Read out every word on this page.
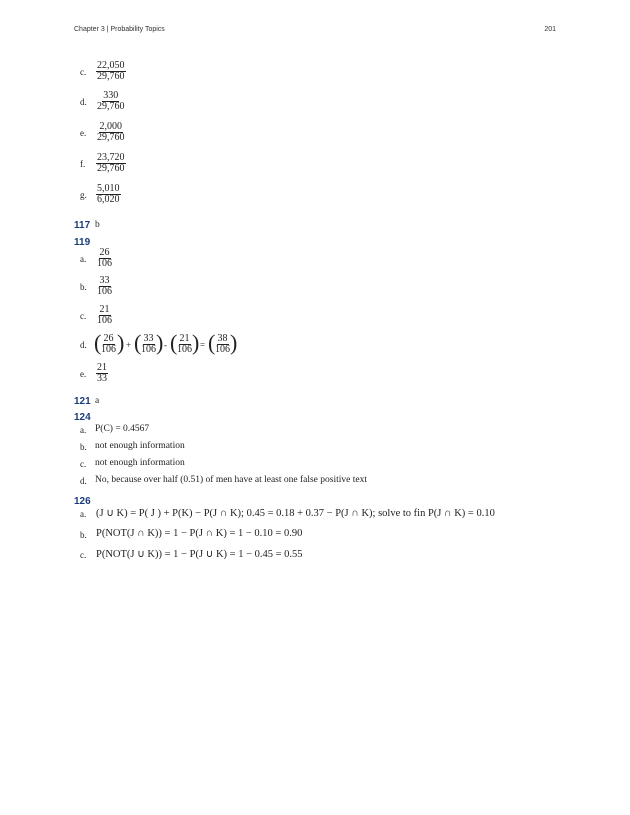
Chapter 3 | Probability Topics	201
c. $\frac{22,050}{29,760}$
d. $\frac{330}{29,760}$
e. $\frac{2,000}{29,760}$
f. $\frac{23,720}{29,760}$
g. $\frac{5,010}{6,020}$
117 b
119
a. $\frac{26}{106}$
b. $\frac{33}{106}$
c. $\frac{21}{106}$
d. (
$\frac{26}{106}$ ) + (
$\frac{33}{106}$ ) - (
$\frac{21}{106}$ ) = (
$\frac{38}{106}$ )
e. $\frac{21}{33}$
121 a
124
a. P(C) = 0.4567
b. not enough information
c. not enough information
d. No, because over half (0.51) of men have at least one false positive text
126
a. (J ∪ K) = P( J ) + P(K) − P(J ∩ K); 0.45 = 0.18 + 0.37 − P(J ∩ K); solve to fin P(J ∩ K) = 0.10
b. P(NOT(J ∩ K)) = 1 − P(J ∩ K) = 1 − 0.10 = 0.90
c. P(NOT(J ∪ K)) = 1 − P(J ∪ K) = 1 − 0.45 = 0.55
